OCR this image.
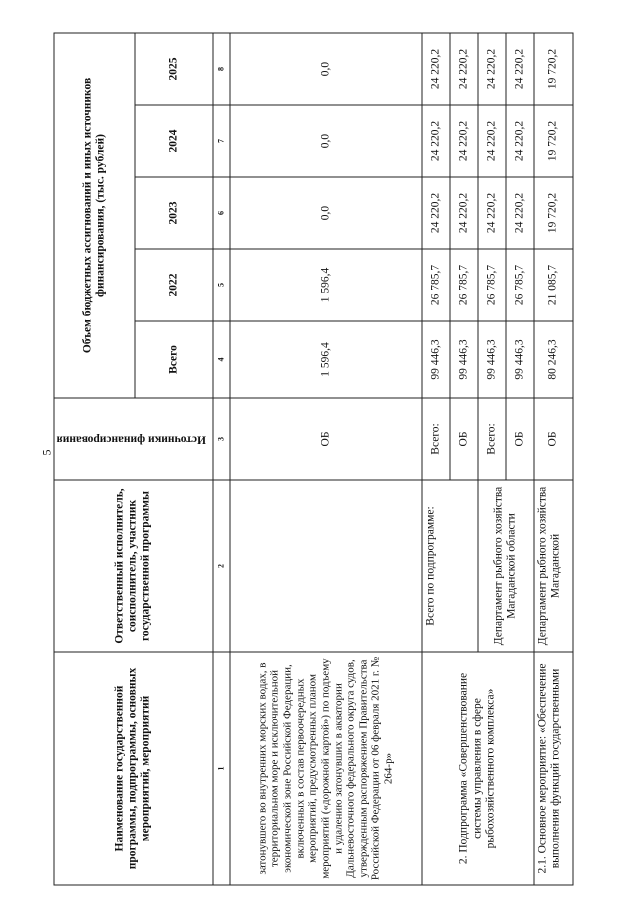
5
Наименование государственной программы, подпрограммы, основных мероприятий, мероприятий	Ответственный исполнитель, соисполнитель, участник государственной программы	Источники финансирования	Объем бюджетных ассигнований и иных источников финансирования, (тыс. рублей)				
			Всего	2022	2023	2024	2025
1	2	3	4	5	6	7	8
затонувшего во внутренних морских водах, в территориальном море и исключительной экономической зоне Российской Федерации, включенных в состав первоочередных мероприятий, предусмотренных планом мероприятий («дорожной картой») по подъему и удалению затонувших в акватории Дальневосточного федерального округа судов, утвержденным распоряжением Правительства Российской Федерации от 06 февраля 2021 г. № 264-р»		ОБ	1 596,4	1 596,4	0,0	0,0	0,0
2. Подпрограмма «Совершенствование системы управления в сфере рыбохозяйственного комплекса»	Всего по подпрограмме:	Всего:	99 446,3	26 785,7	24 220,2	24 220,2	24 220,2
		ОБ	99 446,3	26 785,7	24 220,2	24 220,2	24 220,2
	Департамент рыбного хозяйства Магаданской области	Всего:	99 446,3	26 785,7	24 220,2	24 220,2	24 220,2
		ОБ	99 446,3	26 785,7	24 220,2	24 220,2	24 220,2
2.1. Основное мероприятие: «Обеспечение выполнения функций государственными	Департамент рыбного хозяйства Магаданской	ОБ	80 246,3	21 085,7	19 720,2	19 720,2	19 720,2
